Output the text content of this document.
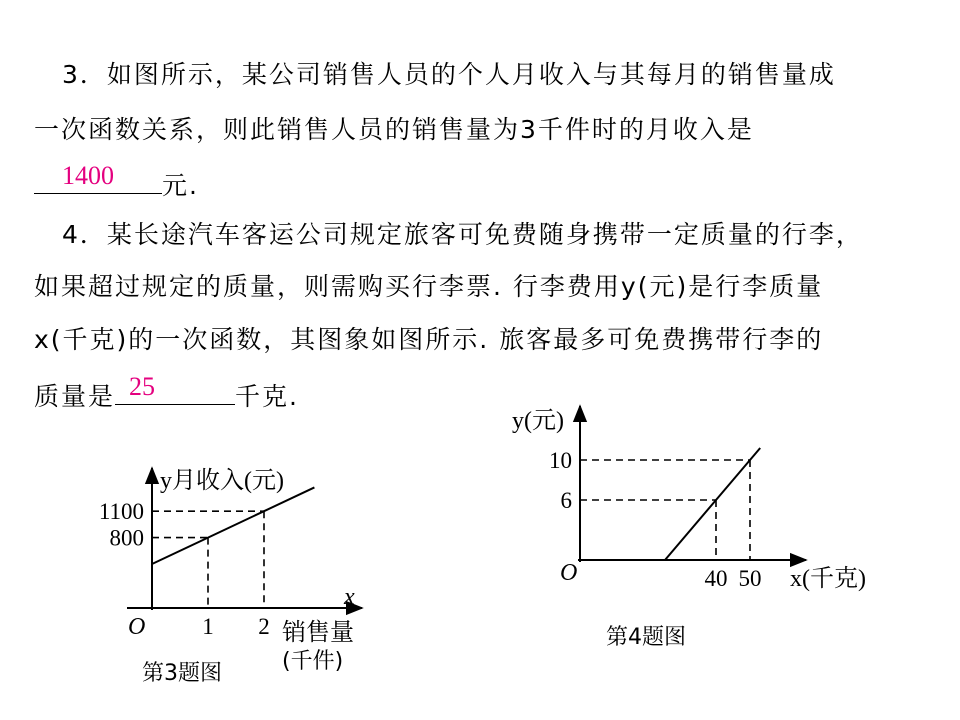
3．如图所示，某公司销售人员的个人月收入与其每月的销售量成
一次函数关系，则此销售人员的销售量为3千件时的月收入是
1400 元.
4．某长途汽车客运公司规定旅客可免费随身携带一定质量的行李，
如果超过规定的质量，则需购买行李票. 行李费用y(元)是行李质量
x(千克)的一次函数，其图象如图所示. 旅客最多可免费携带行李的
质量是 25	千克.
800
1
1100
2
y月收入(元)
x
O	销售量
(千件)
第3题图
6
40
10
50
y(元)
x(千克)
O
第4题图
